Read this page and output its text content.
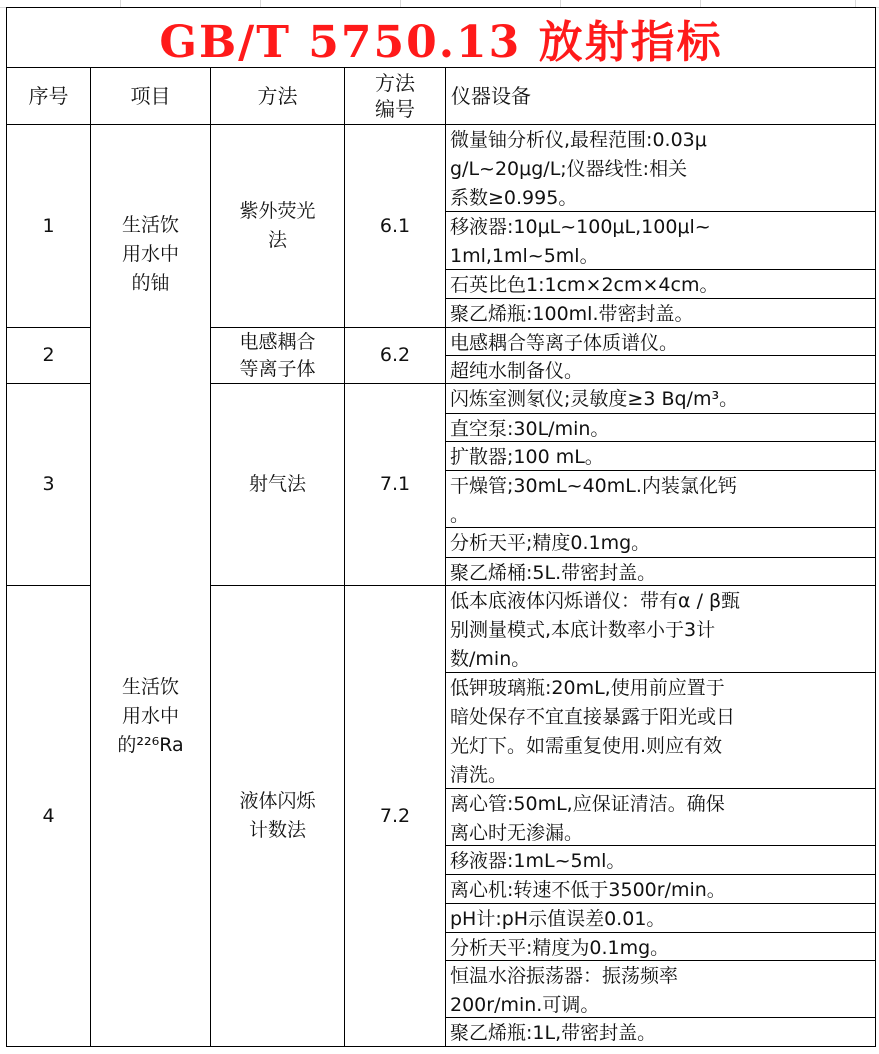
GB/T 5750.13 放射指标
序号	项目	方法
方法
编号
仪器设备
1
2
3
4
生活饮
用水中
的铀
生活饮
用水中
的²²⁶Ra
紫外荧光
法
电感耦合
等离子体
射气法
液体闪烁
计数法
6.1
6.2
7.1
7.2
微量铀分析仪,最程范围:0.03μ
g/L~20μg/L;仪器线性:相关
系数≥0.995。
移液器:10μL~100μL,100μl~
1ml,1ml~5ml。
石英比色1:1cm×2cm×4cm。
聚乙烯瓶:100ml.带密封盖。
电感耦合等离子体质谱仪。
超纯水制备仪。
闪炼室测氡仪;灵敏度≥3 Bq/m³。
直空泵:30L/min。
扩散器;100 mL。
干燥管;30mL~40mL.内装氯化钙
。
分析天平;精度0.1mg。
聚乙烯桶:5L.带密封盖。
低本底液体闪烁谱仪：带有α / β甄
别测量模式,本底计数率小于3计
数/min。
低钾玻璃瓶:20mL,使用前应置于
暗处保存不宜直接暴露于阳光或日
光灯下。如需重复使用.则应有效
清洗。
离心管:50mL,应保证清洁。确保
离心时无渗漏。
移液器:1mL~5ml。
离心机:转速不低于3500r/min。
pH计:pH示值误差0.01。
分析天平:精度为0.1mg。
恒温水浴振荡器：振荡频率
200r/min.可调。
聚乙烯瓶:1L,带密封盖。
